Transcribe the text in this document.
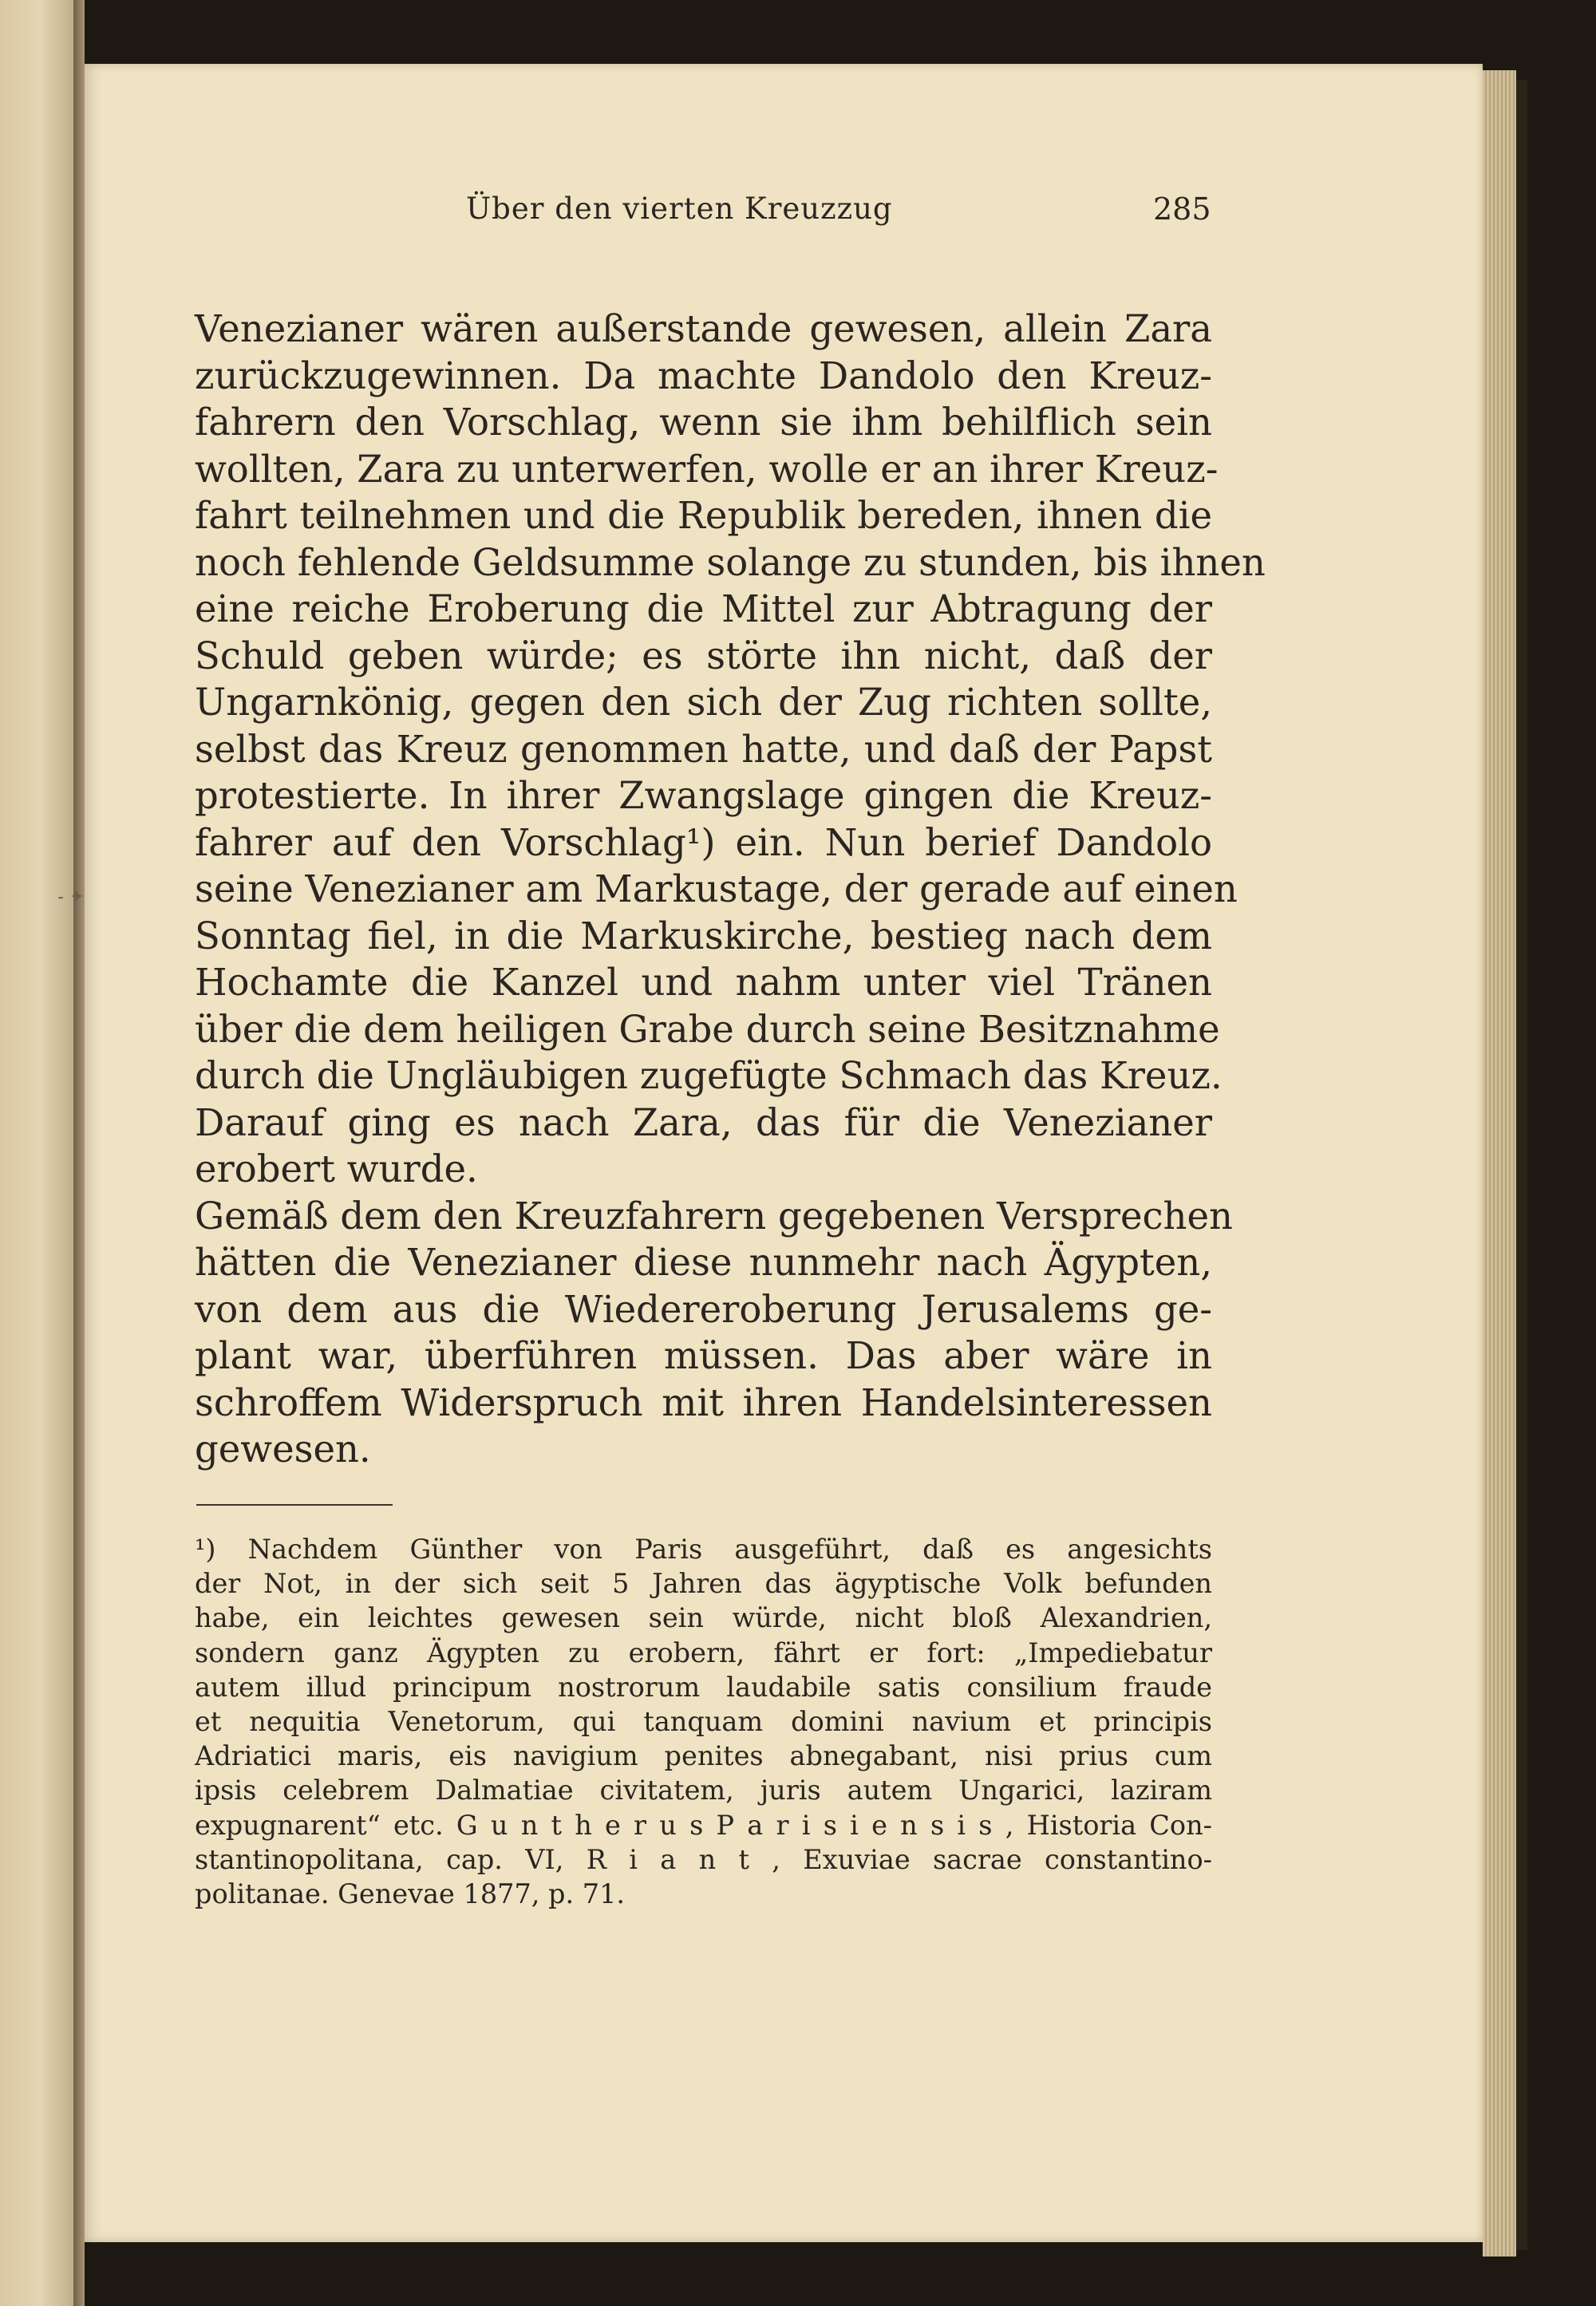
- ✦
Über den vierten Kreuzzug	285
Venezianer wären außerstande gewesen, allein Zara
zurückzugewinnen. Da machte Dandolo den Kreuz-
fahrern den Vorschlag, wenn sie ihm behilflich sein
wollten, Zara zu unterwerfen, wolle er an ihrer Kreuz-
fahrt teilnehmen und die Republik bereden, ihnen die
noch fehlende Geldsumme solange zu stunden, bis ihnen
eine reiche Eroberung die Mittel zur Abtragung der
Schuld geben würde; es störte ihn nicht, daß der
Ungarnkönig, gegen den sich der Zug richten sollte,
selbst das Kreuz genommen hatte, und daß der Papst
protestierte. In ihrer Zwangslage gingen die Kreuz-
fahrer auf den Vorschlag¹) ein. Nun berief Dandolo
seine Venezianer am Markustage, der gerade auf einen
Sonntag fiel, in die Markuskirche, bestieg nach dem
Hochamte die Kanzel und nahm unter viel Tränen
über die dem heiligen Grabe durch seine Besitznahme
durch die Ungläubigen zugefügte Schmach das Kreuz.
Darauf ging es nach Zara, das für die Venezianer
erobert wurde.
Gemäß dem den Kreuzfahrern gegebenen Versprechen
hätten die Venezianer diese nunmehr nach Ägypten,
von dem aus die Wiedereroberung Jerusalems ge-
plant war, überführen müssen. Das aber wäre in
schroffem Widerspruch mit ihren Handelsinteressen
gewesen.
¹) Nachdem Günther von Paris ausgeführt, daß es angesichts
der Not, in der sich seit 5 Jahren das ägyptische Volk befunden
habe, ein leichtes gewesen sein würde, nicht bloß Alexandrien,
sondern ganz Ägypten zu erobern, fährt er fort: „Impediebatur
autem illud principum nostrorum laudabile satis consilium fraude
et nequitia Venetorum, qui tanquam domini navium et principis
Adriatici maris, eis navigium penites abnegabant, nisi prius cum
ipsis celebrem Dalmatiae civitatem, juris autem Ungarici, laziram
expugnarent“ etc. G u n t h e r u s P a r i s i e n s i s , Historia Con-
stantinopolitana, cap. VI, R i a n t , Exuviae sacrae constantino-
politanae. Genevae 1877, p. 71.
